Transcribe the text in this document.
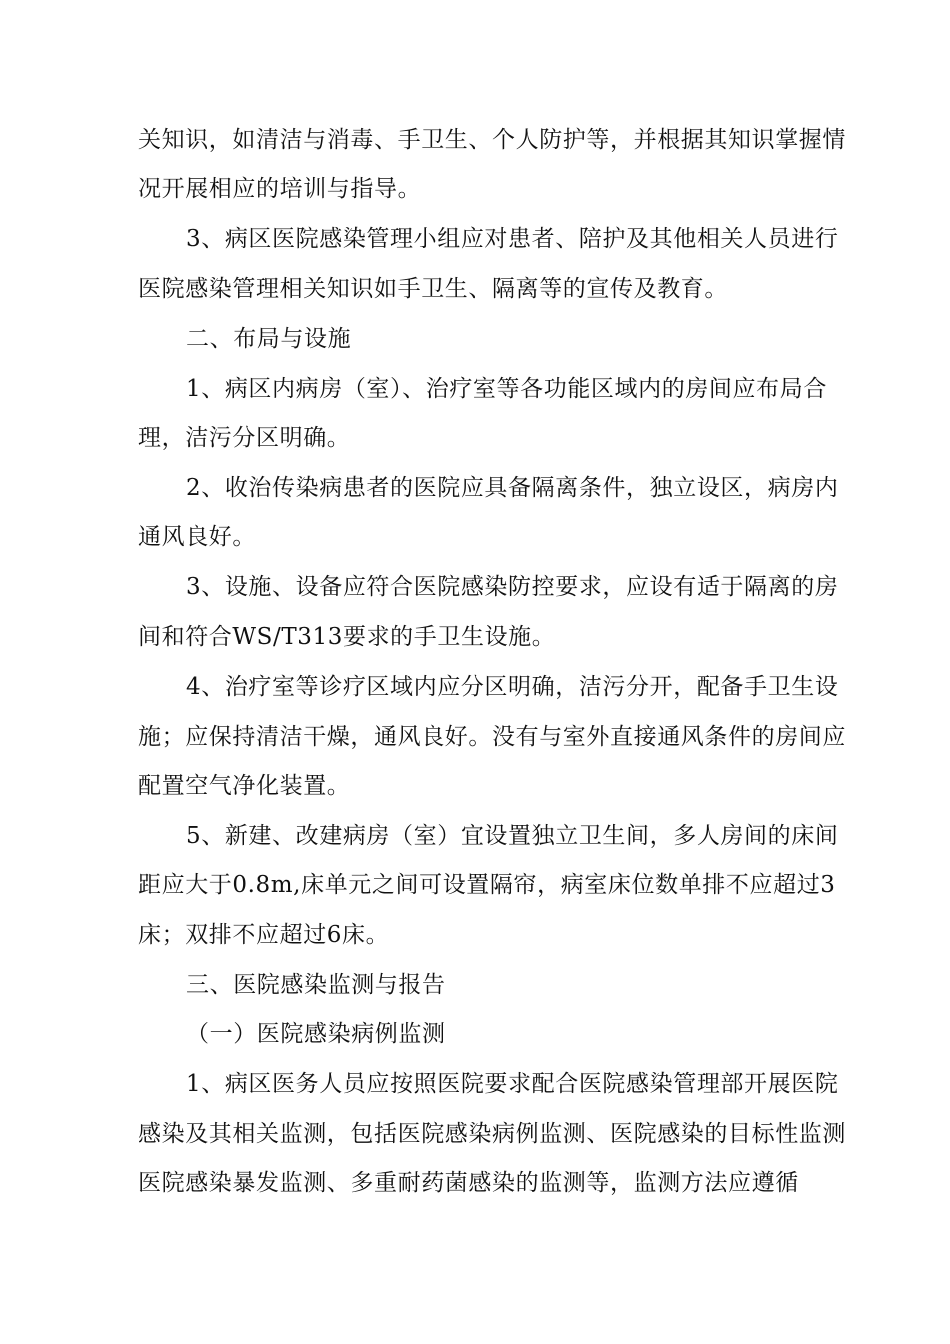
关知识，如清洁与消毒、手卫生、个人防护等，并根据其知识掌握情
况开展相应的培训与指导。
3、病区医院感染管理小组应对患者、陪护及其他相关人员进行
医院感染管理相关知识如手卫生、隔离等的宣传及教育。
二、布局与设施
1、病区内病房（室）、治疗室等各功能区域内的房间应布局合
理，洁污分区明确。
2、收治传染病患者的医院应具备隔离条件，独立设区，病房内
通风良好。
3、设施、设备应符合医院感染防控要求，应设有适于隔离的房
间和符合WS/T313要求的手卫生设施。
4、治疗室等诊疗区域内应分区明确，洁污分开，配备手卫生设
施；应保持清洁干燥，通风良好。没有与室外直接通风条件的房间应
配置空气净化装置。
5、新建、改建病房（室）宜设置独立卫生间，多人房间的床间
距应大于0.8m,床单元之间可设置隔帘，病室床位数单排不应超过3
床；双排不应超过6床。
三、医院感染监测与报告
（一）医院感染病例监测
1、病区医务人员应按照医院要求配合医院感染管理部开展医院
感染及其相关监测，包括医院感染病例监测、医院感染的目标性监测
医院感染暴发监测、多重耐药菌感染的监测等，监测方法应遵循
